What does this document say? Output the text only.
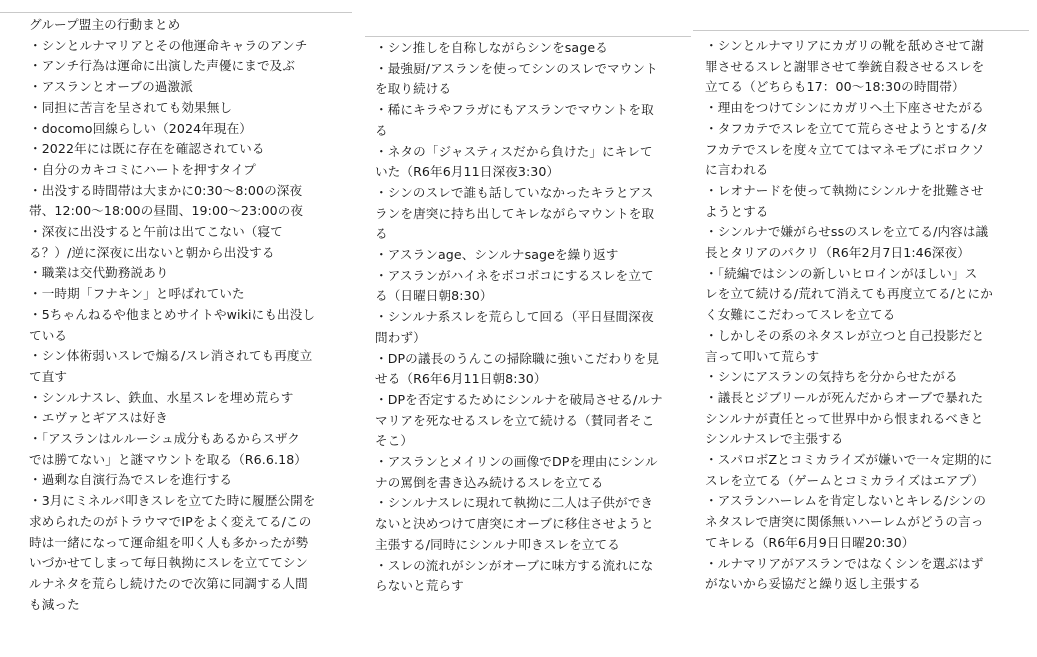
グループ盟主の行動まとめ
・シンとルナマリアとその他運命キャラのアンチ
・アンチ行為は運命に出演した声優にまで及ぶ
・アスランとオーブの過激派
・同担に苦言を呈されても効果無し
・docomo回線らしい（2024年現在）
・2022年には既に存在を確認されている
・自分のカキコミにハートを押すタイプ
・出没する時間帯は大まかに0:30～8:00の深夜
帯、12:00～18:00の昼間、19:00～23:00の夜
・深夜に出没すると午前は出てこない（寝て
る？）/逆に深夜に出ないと朝から出没する
・職業は交代勤務説あり
・一時期「フナキン」と呼ばれていた
・5ちゃんねるや他まとめサイトやwikiにも出没し
ている
・シン体術弱いスレで煽る/スレ消されても再度立
て直す
・シンルナスレ、鉄血、水星スレを埋め荒らす
・エヴァとギアスは好き
・「アスランはルルーシュ成分もあるからスザク
では勝てない」と謎マウントを取る（R6.6.18）
・過剰な自演行為でスレを進行する
・3月にミネルバ叩きスレを立てた時に履歴公開を
求められたのがトラウマでIPをよく変えてる/この
時は一緒になって運命組を叩く人も多かったが勢
いづかせてしまって毎日執拗にスレを立ててシン
ルナネタを荒らし続けたので次第に同調する人間
も減った
・シン推しを自称しながらシンをsageる
・最強厨/アスランを使ってシンのスレでマウント
を取り続ける
・稀にキラやフラガにもアスランでマウントを取
る
・ネタの「ジャスティスだから負けた」にキレて
いた（R6年6月11日深夜3:30）
・シンのスレで誰も話していなかったキラとアス
ランを唐突に持ち出してキレながらマウントを取
る
・アスランage、シンルナsageを繰り返す
・アスランがハイネをボコボコにするスレを立て
る（日曜日朝8:30）
・シンルナ系スレを荒らして回る（平日昼間深夜
問わず）
・DPの議長のうんこの掃除職に強いこだわりを見
せる（R6年6月11日朝8:30）
・DPを否定するためにシンルナを破局させる/ルナ
マリアを死なせるスレを立て続ける（賛同者そこ
そこ）
・アスランとメイリンの画像でDPを理由にシンル
ナの罵倒を書き込み続けるスレを立てる
・シンルナスレに現れて執拗に二人は子供ができ
ないと決めつけて唐突にオーブに移住させようと
主張する/同時にシンルナ叩きスレを立てる
・スレの流れがシンがオーブに味方する流れにな
らないと荒らす
・シンとルナマリアにカガリの靴を舐めさせて謝
罪させるスレと謝罪させて拳銃自殺させるスレを
立てる（どちらも17：00～18:30の時間帯）
・理由をつけてシンにカガリへ土下座させたがる
・タフカテでスレを立てて荒らさせようとする/タ
フカテでスレを度々立ててはマネモブにボロクソ
に言われる
・レオナードを使って執拗にシンルナを批難させ
ようとする
・シンルナで嫌がらせssのスレを立てる/内容は議
長とタリアのパクリ（R6年2月7日1:46深夜）
・「続編ではシンの新しいヒロインがほしい」ス
レを立て続ける/荒れて消えても再度立てる/とにか
く女難にこだわってスレを立てる
・しかしその系のネタスレが立つと自己投影だと
言って叩いて荒らす
・シンにアスランの気持ちを分からせたがる
・議長とジブリールが死んだからオーブで暴れた
シンルナが責任とって世界中から恨まれるべきと
シンルナスレで主張する
・スパロボZとコミカライズが嫌いで一々定期的に
スレを立てる（ゲームとコミカライズはエアプ）
・アスランハーレムを肯定しないとキレる/シンの
ネタスレで唐突に関係無いハーレムがどうの言っ
てキレる（R6年6月9日日曜20:30）
・ルナマリアがアスランではなくシンを選ぶはず
がないから妥協だと繰り返し主張する
